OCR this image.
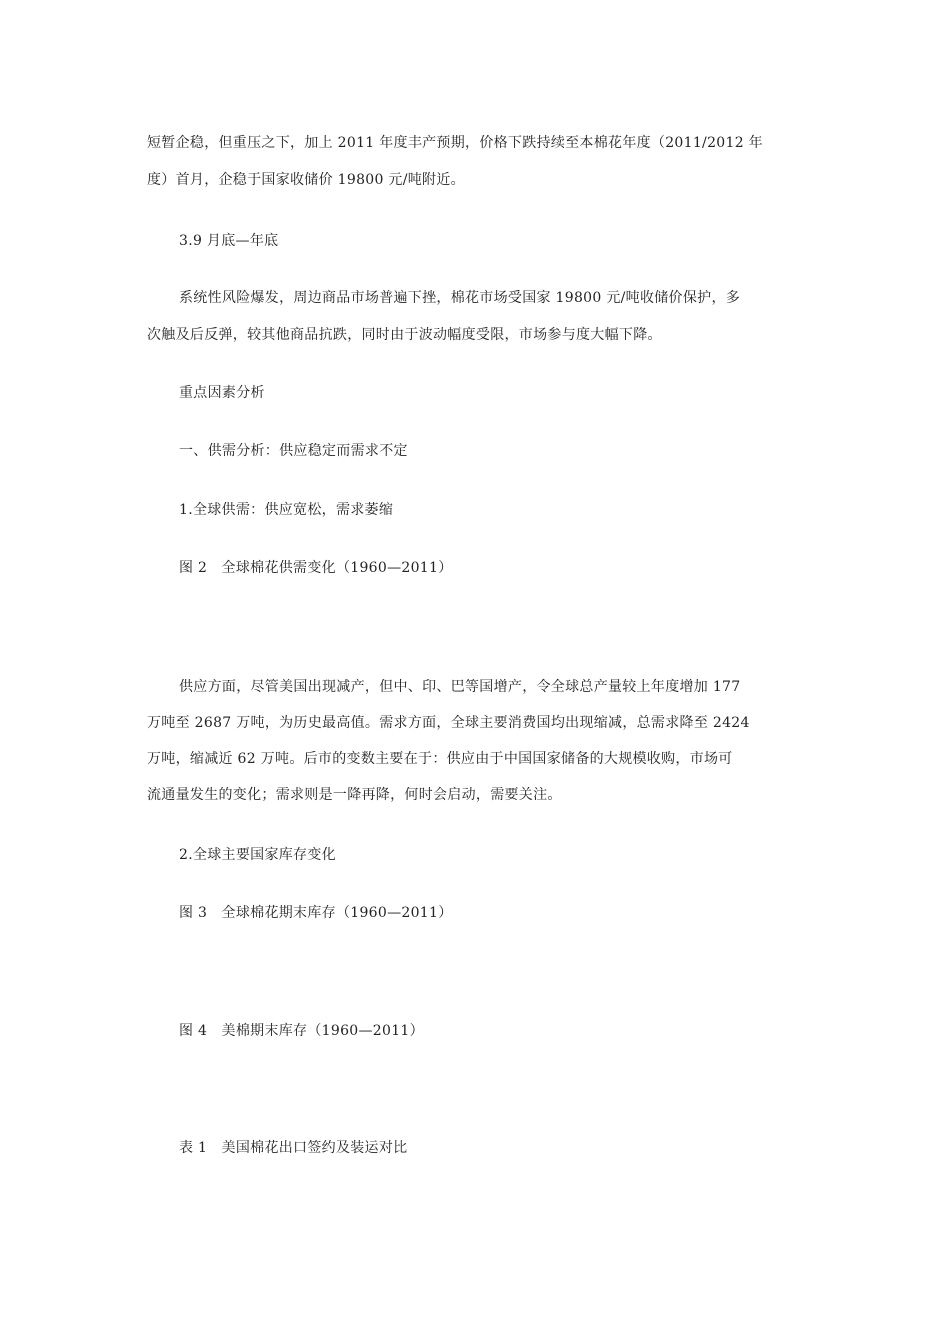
短暂企稳，但重压之下，加上 2011 年度丰产预期，价格下跌持续至本棉花年度（2011/2012 年
度）首月，企稳于国家收储价 19800 元/吨附近。
3.9 月底—年底
系统性风险爆发，周边商品市场普遍下挫，棉花市场受国家 19800 元/吨收储价保护，多
次触及后反弹，较其他商品抗跌，同时由于波动幅度受限，市场参与度大幅下降。
重点因素分析
一、供需分析：供应稳定而需求不定
1.全球供需：供应宽松，需求萎缩
图 2　全球棉花供需变化（1960—2011）
供应方面，尽管美国出现减产，但中、印、巴等国增产，令全球总产量较上年度增加 177
万吨至 2687 万吨，为历史最高值。需求方面，全球主要消费国均出现缩减，总需求降至 2424
万吨，缩减近 62 万吨。后市的变数主要在于：供应由于中国国家储备的大规模收购，市场可
流通量发生的变化；需求则是一降再降，何时会启动，需要关注。
2.全球主要国家库存变化
图 3　全球棉花期末库存（1960—2011）
图 4　美棉期末库存（1960—2011）
表 1　美国棉花出口签约及装运对比
